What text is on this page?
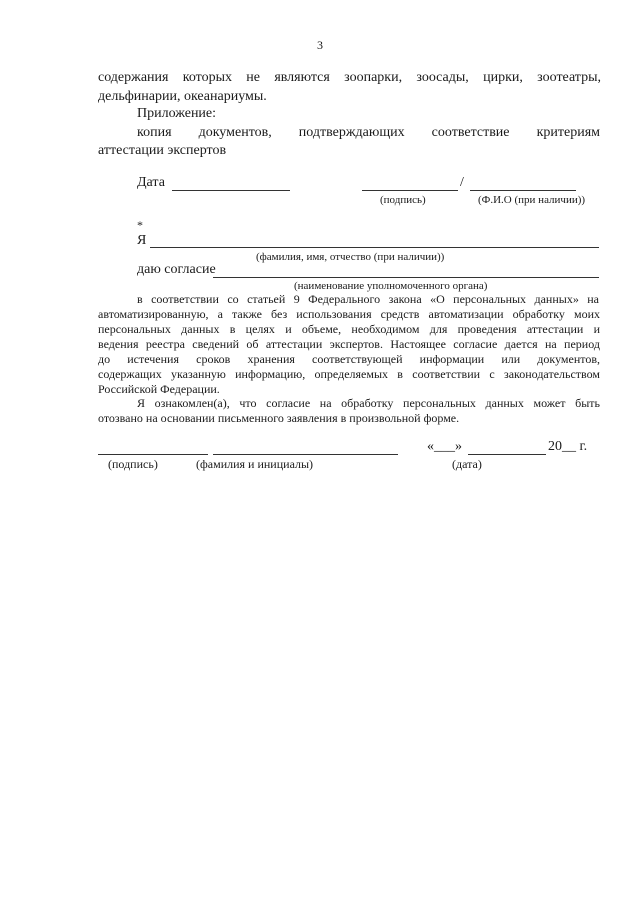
3
содержания которых не являются зоопарки, зоосады, цирки, зоотеатры,
дельфинарии, океанариумы.
Приложение:
копия документов, подтверждающих соответствие критериям
аттестации экспертов
Дата	/
(подпись)	(Ф.И.О (при наличии))
*
Я
(фамилия, имя, отчество (при наличии))
даю согласие
(наименование уполномоченного органа)
в соответствии со статьей 9 Федерального закона «О персональных данных» на
автоматизированную, а также без использования средств автоматизации обработку моих
персональных данных в целях и объеме, необходимом для проведения аттестации и
ведения реестра сведений об аттестации экспертов. Настоящее согласие дается на период
до истечения сроков хранения соответствующей информации или документов,
содержащих указанную информацию, определяемых в соответствии с законодательством
Российской Федерации.
Я ознакомлен(а), что согласие на обработку персональных данных может быть
отозвано на основании письменного заявления в произвольной форме.
«___»	20__ г.
(подпись)	(фамилия и инициалы)	(дата)
